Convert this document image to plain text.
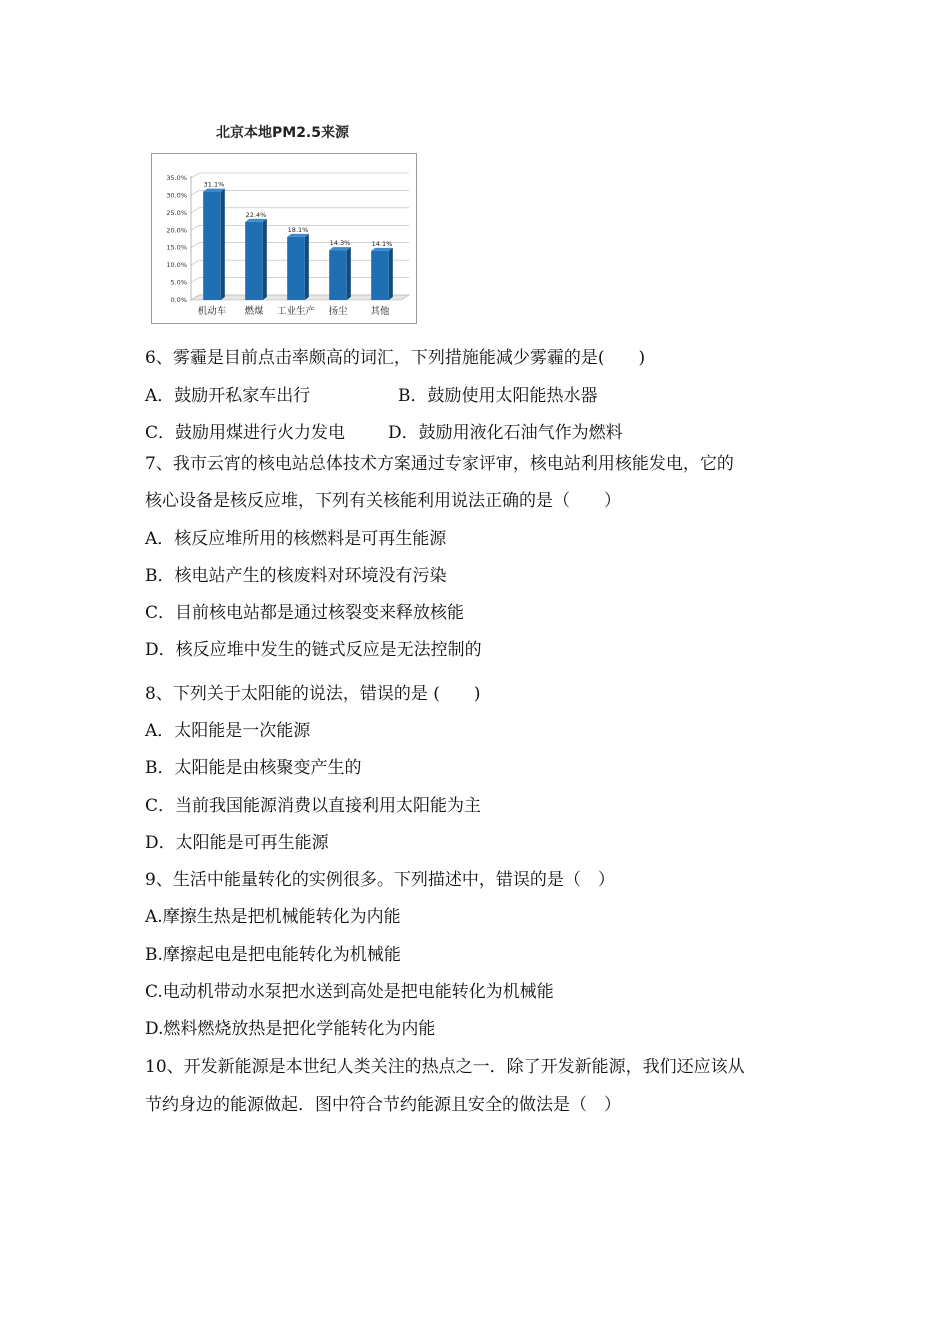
北京本地PM2.5来源
0.0%
5.0%
10.0%
15.0%
20.0%
25.0%
30.0%
35.0%
31.1%
机动车
22.4%
燃煤
18.1%
工业生产
14.3%
扬尘
14.1%
其他
6、雾霾是目前点击率颇高的词汇，下列措施能减少雾霾的是(　　)
A．鼓励开私家车出行	B．鼓励使用太阳能热水器
C．鼓励用煤进行火力发电	D．鼓励用液化石油气作为燃料
7、我市云宵的核电站总体技术方案通过专家评审，核电站利用核能发电，它的
核心设备是核反应堆，下列有关核能利用说法正确的是（　　）
A．核反应堆所用的核燃料是可再生能源
B．核电站产生的核废料对环境没有污染
C．目前核电站都是通过核裂变来释放核能
D．核反应堆中发生的链式反应是无法控制的
8、下列关于太阳能的说法，错误的是 (　　)
A．太阳能是一次能源
B．太阳能是由核聚变产生的
C．当前我国能源消费以直接利用太阳能为主
D．太阳能是可再生能源
9、生活中能量转化的实例很多。下列描述中，错误的是（　）
A.摩擦生热是把机械能转化为内能
B.摩擦起电是把电能转化为机械能
C.电动机带动水泵把水送到高处是把电能转化为机械能
D.燃料燃烧放热是把化学能转化为内能
10、开发新能源是本世纪人类关注的热点之一．除了开发新能源，我们还应该从
节约身边的能源做起．图中符合节约能源且安全的做法是（　）
